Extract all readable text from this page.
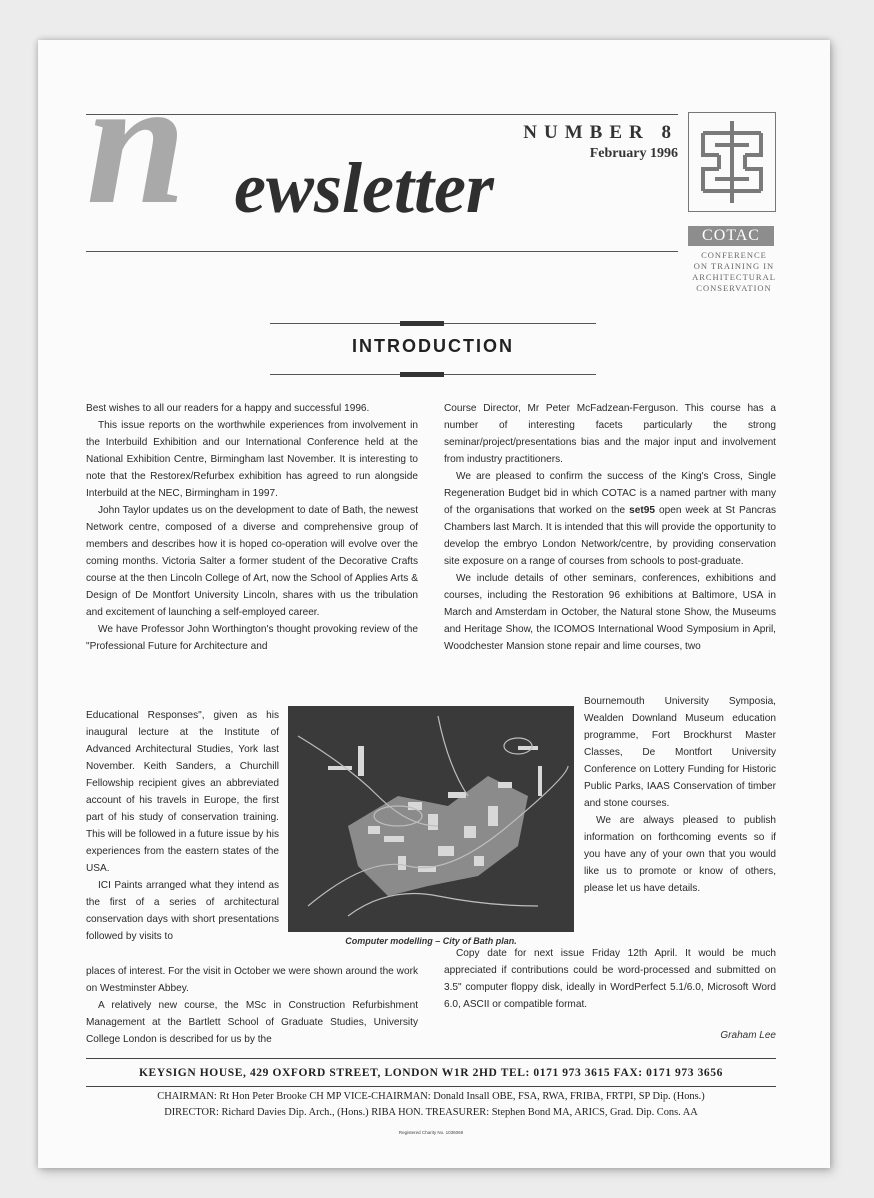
n ewsletter
NUMBER 8
February 1996
COTAC
CONFERENCE
ON TRAINING IN
ARCHITECTURAL
CONSERVATION
INTRODUCTION

Best wishes to all our readers for a happy and successful 1996.

This issue reports on the worthwhile experiences from involvement in the Interbuild Exhibition and our International Conference held at the National Exhibition Centre, Birmingham last November. It is interesting to note that the Restorex/Refurbex exhibition has agreed to run alongside Interbuild at the NEC, Birmingham in 1997.

John Taylor updates us on the development to date of Bath, the newest Network centre, composed of a diverse and comprehensive group of members and describes how it is hoped co-operation will evolve over the coming months. Victoria Salter a former student of the Decorative Crafts course at the then Lincoln College of Art, now the School of Applies Arts & Design of De Montfort University Lincoln, shares with us the tribulation and excitement of launching a self-employed career.

We have Professor John Worthington's thought provoking review of the "Professional Future for Architecture and

Educational Responses", given as his inaugural lecture at the Institute of Advanced Architectural Studies, York last November. Keith Sanders, a Churchill Fellowship recipient gives an abbreviated account of his travels in Europe, the first part of his study of conservation training. This will be followed in a future issue by his experiences from the eastern states of the USA.

ICI Paints arranged what they intend as the first of a series of architectural conservation days with short presentations followed by visits to

places of interest. For the visit in October we were shown around the work on Westminster Abbey.

A relatively new course, the MSc in Construction Refurbishment Management at the Bartlett School of Graduate Studies, University College London is described for us by the

Course Director, Mr Peter McFadzean-Ferguson. This course has a number of interesting facets particularly the strong seminar/project/presentations bias and the major input and involvement from industry practitioners.

We are pleased to confirm the success of the King's Cross, Single Regeneration Budget bid in which COTAC is a named partner with many of the organisations that worked on the set95 open week at St Pancras Chambers last March. It is intended that this will provide the opportunity to develop the embryo London Network/centre, by providing conservation site exposure on a range of courses from schools to post-graduate.

We include details of other seminars, conferences, exhibitions and courses, including the Restoration 96 exhibitions at Baltimore, USA in March and Amsterdam in October, the Natural stone Show, the Museums and Heritage Show, the ICOMOS International Wood Symposium in April, Woodchester Mansion stone repair and lime courses, two

Bournemouth University Symposia, Wealden Downland Museum education programme, Fort Brockhurst Master Classes, De Montfort University Conference on Lottery Funding for Historic Public Parks, IAAS Conservation of timber and stone courses.

We are always pleased to publish information on forthcoming events so if you have any of your own that you would like us to promote or know of others, please let us have details.

Copy date for next issue Friday 12th April. It would be much appreciated if contributions could be word-processed and submitted on 3.5" computer floppy disk, ideally in WordPerfect 5.1/6.0, Microsoft Word 6.0, ASCII or compatible format.

Graham Lee
Computer modelling – City of Bath plan.
KEYSIGN HOUSE, 429 OXFORD STREET, LONDON W1R 2HD TEL: 0171 973 3615 FAX: 0171 973 3656
CHAIRMAN: Rt Hon Peter Brooke CH MP VICE-CHAIRMAN: Donald Insall OBE, FSA, RWA, FRIBA, FRTPI, SP Dip. (Hons.)
DIRECTOR: Richard Davies Dip. Arch., (Hons.) RIBA HON. TREASURER: Stephen Bond MA, ARICS, Grad. Dip. Cons. AA
Registered Charity No. 1036069
